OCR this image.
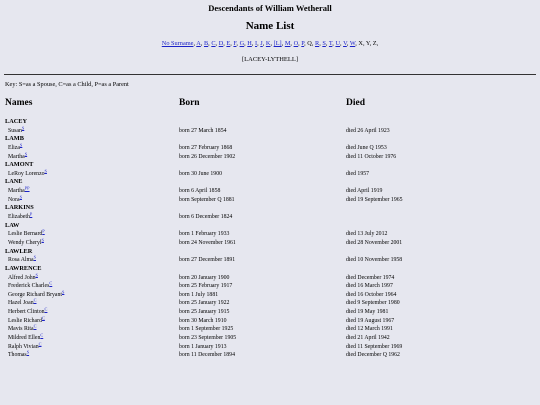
Descendants of William Wetherall
Name List
No Surname, A, B, C, D, E, F, G, H, I, J, K, [L], M, O, P, Q, R, S, T, U, V, W, X, Y, Z,
[LACEY-LYTHELL]
Key: S=as a Spouse, C=as a Child, P=as a Parent
Names	Born	Died
LACEY
Susan$^S$	born 27 March 1854	died 26 April 1923
LAMB
Eliza$^S$	born 27 February 1868	died June Q 1953
Martha$^S$	born 26 December 1902	died 11 October 1976
LAMONT
LeRoy Lorenzo$^S$	born 30 June 1900	died 1957
LANE
Martha$^{PP}$	born 6 April 1858	died April 1919
Nora$^S$	born September Q 1881	died 19 September 1965
LARKINS
Elizabeth$^P$	born 6 December 1824
LAW
Leslie Bernard$^P$	born 1 February 1933	died 13 July 2012
Wendy Cheryl$^S$	born 24 November 1961	died 28 November 2001
LAWLER
Rosa Alma$^S$	born 27 December 1891	died 10 November 1958
LAWRENCE
Alfred John$^S$	born 20 January 1900	died December 1974
Frederick Charles$^C$	born 25 February 1917	died 16 March 1997
George Richard Bryant$^S$	born 1 July 1881	died 16 October 1964
Hazel Joan$^C$	born 25 January 1922	died 9 September 1980
Herbert Clinton$^C$	born 25 January 1915	died 19 May 1981
Leslie Richard$^C$	born 30 March 1910	died 19 August 1967
Mavis Rita$^C$	born 1 September 1925	died 12 March 1991
Mildred Ellen$^C$	born 23 September 1905	died 21 April 1942
Ralph Vivian$^C$	born 1 January 1913	died 11 September 1969
Thomas$^S$	born 11 December 1894	died December Q 1962
